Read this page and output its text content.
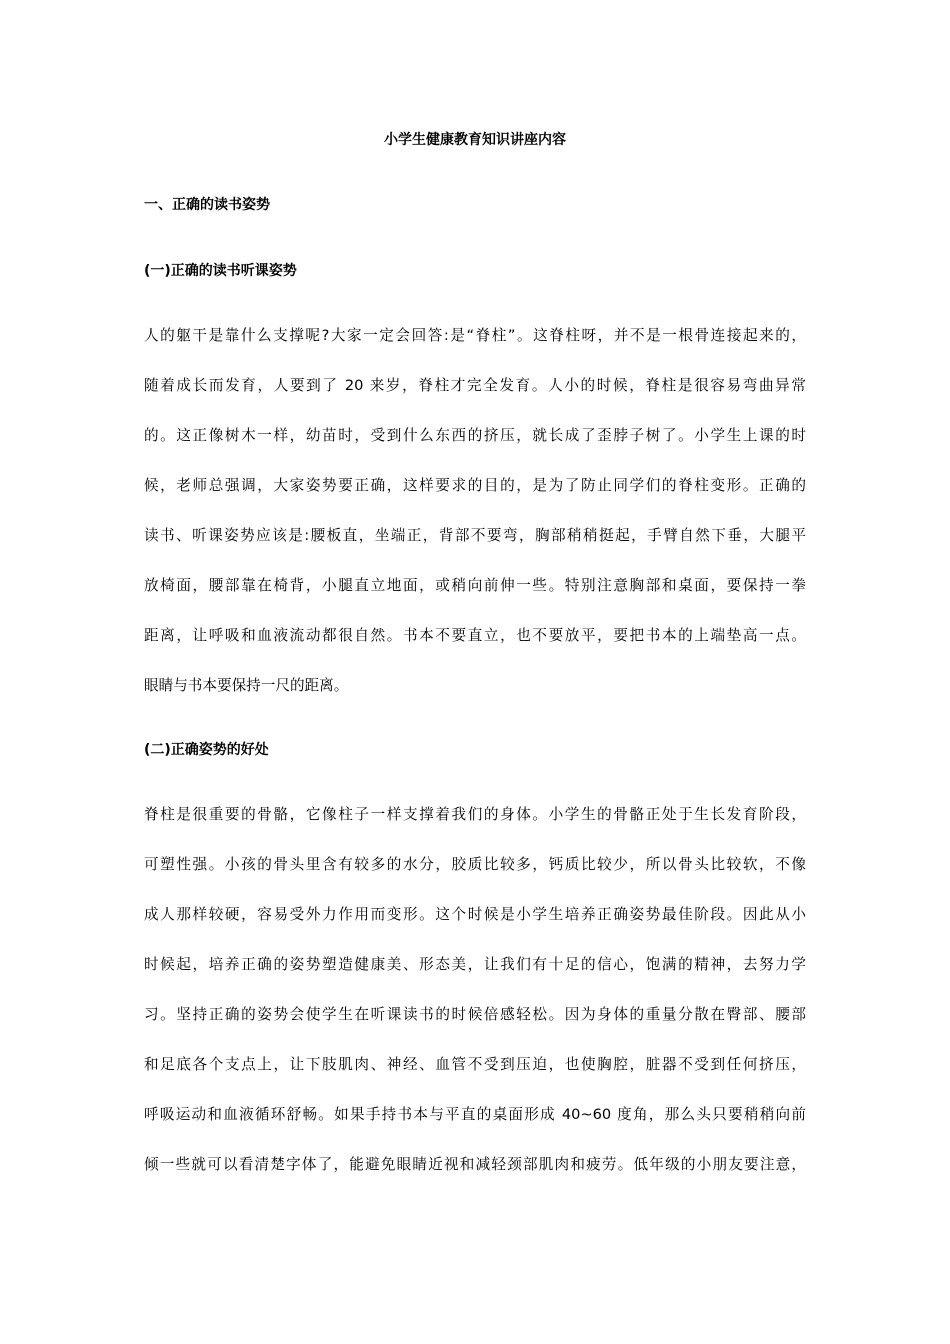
小学生健康教育知识讲座内容
一、正确的读书姿势
(一)正确的读书听课姿势
人的躯干是靠什么支撑呢?大家一定会回答:是“脊柱”。这脊柱呀，并不是一根骨连接起来的，
随着成长而发育，人要到了 20 来岁，脊柱才完全发育。人小的时候，脊柱是很容易弯曲异常
的。这正像树木一样，幼苗时，受到什么东西的挤压，就长成了歪脖子树了。小学生上课的时
候，老师总强调，大家姿势要正确，这样要求的目的，是为了防止同学们的脊柱变形。正确的
读书、听课姿势应该是:腰板直，坐端正，背部不要弯，胸部稍稍挺起，手臂自然下垂，大腿平
放椅面，腰部靠在椅背，小腿直立地面，或稍向前伸一些。特别注意胸部和桌面，要保持一拳
距离，让呼吸和血液流动都很自然。书本不要直立，也不要放平，要把书本的上端垫高一点。
眼睛与书本要保持一尺的距离。
(二)正确姿势的好处
脊柱是很重要的骨骼，它像柱子一样支撑着我们的身体。小学生的骨骼正处于生长发育阶段，
可塑性强。小孩的骨头里含有较多的水分，胶质比较多，钙质比较少，所以骨头比较软，不像
成人那样较硬，容易受外力作用而变形。这个时候是小学生培养正确姿势最佳阶段。因此从小
时候起，培养正确的姿势塑造健康美、形态美，让我们有十足的信心，饱满的精神，去努力学
习。坚持正确的姿势会使学生在听课读书的时候倍感轻松。因为身体的重量分散在臀部、腰部
和足底各个支点上，让下肢肌肉、神经、血管不受到压迫，也使胸腔，脏器不受到任何挤压，
呼吸运动和血液循环舒畅。如果手持书本与平直的桌面形成 40~60 度角，那么头只要稍稍向前
倾一些就可以看清楚字体了，能避免眼睛近视和减轻颈部肌肉和疲劳。低年级的小朋友要注意，
